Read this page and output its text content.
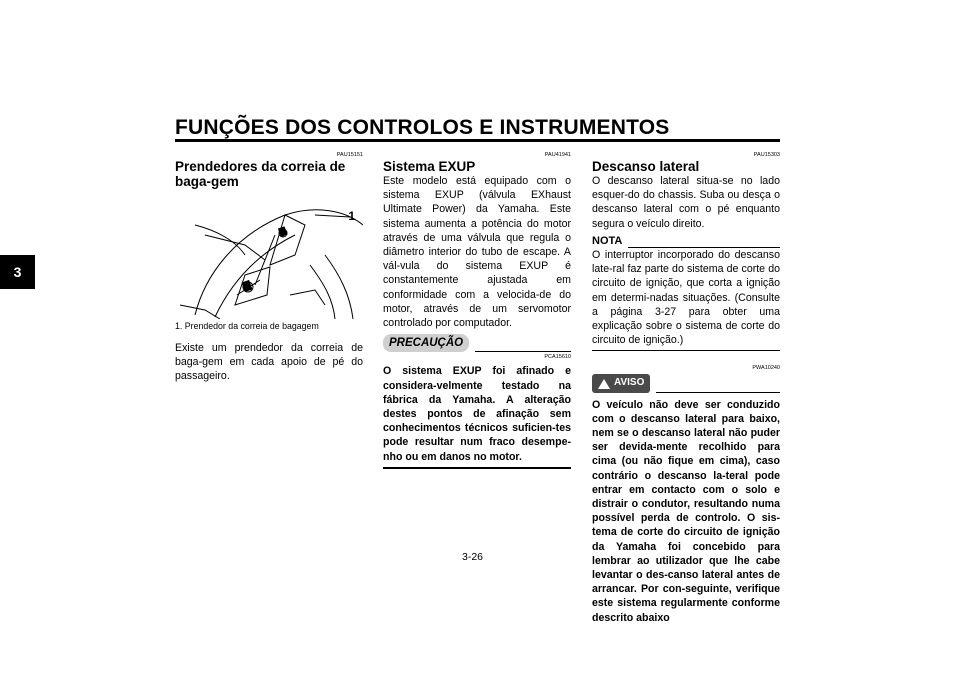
FUNÇÕES DOS CONTROLOS E INSTRUMENTOS
3
PAU15151
Prendedores da correia de baga-gem
1
1. Prendedor da correia de bagagem
Existe um prendedor da correia de baga-gem em cada apoio de pé do passageiro.
PAU41941
Sistema EXUP
Este modelo está equipado com o sistema EXUP (válvula EXhaust Ultimate Power) da Yamaha. Este sistema aumenta a potência do motor através de uma válvula que regula o diâmetro interior do tubo de escape. A vál-vula do sistema EXUP é constantemente ajustada em conformidade com a velocida-de do motor, através de um servomotor controlado por computador.
PRECAUÇÃO
PCA15610
O sistema EXUP foi afinado e considera-velmente testado na fábrica da Yamaha. A alteração destes pontos de afinação sem conhecimentos técnicos suficien-tes pode resultar num fraco desempe-nho ou em danos no motor.
PAU15303
Descanso lateral
O descanso lateral situa-se no lado esquer-do do chassis. Suba ou desça o descanso lateral com o pé enquanto segura o veículo direito.
NOTA
O interruptor incorporado do descanso late-ral faz parte do sistema de corte do circuito de ignição, que corta a ignição em determi-nadas situações. (Consulte a página 3-27 para obter uma explicação sobre o sistema de corte do circuito de ignição.)
PWA10240
AVISO
O veículo não deve ser conduzido com o descanso lateral para baixo, nem se o descanso lateral não puder ser devida-mente recolhido para cima (ou não fique em cima), caso contrário o descanso la-teral pode entrar em contacto com o solo e distrair o condutor, resultando numa possível perda de controlo. O sis-tema de corte do circuito de ignição da Yamaha foi concebido para lembrar ao utilizador que lhe cabe levantar o des-canso lateral antes de arrancar. Por con-seguinte, verifique este sistema regularmente conforme descrito abaixo
3-26
